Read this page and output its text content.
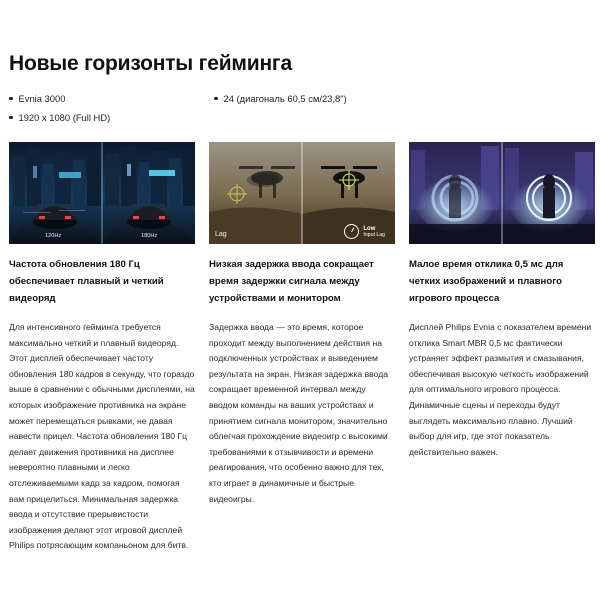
Новые горизонты гейминга
Evnia 3000	24 (диагональ 60,5 см/23,8")
1920 x 1080 (Full HD)
120Hz	180Hz
Частота обновления 180 Гц обеспечивает плавный и четкий видеоряд
Для интенсивного гейминга требуется максимально четкий и плавный видеоряд. Этот дисплей обеспечивает частоту обновления 180 кадров в секунду, что гораздо выше в сравнении с обычными дисплеями, на которых изображение противника на экране может перемещаться рывками, не давая навести прицел. Частота обновления 180 Гц делает движения противника на дисплее невероятно плавными и легко отслеживаемыми кадр за кадром, помогая вам прицелиться. Минимальная задержка ввода и отсутствие прерывистости изображения делают этот игровой дисплей Philips потрясающим компаньоном для битв.
Lag
Low
Input Lag
Низкая задержка ввода сокращает время задержки сигнала между устройствами и монитором
Задержка ввода — это время, которое проходит между выполнением действия на подключенных устройствах и выведением результата на экран. Низкая задержка ввода сокращает временной интервал между вводом команды на ваших устройствах и принятием сигнала монитором, значительно облегчая прохождение видеоигр с высокими требованиями к отзывчивости и времени реагирования, что особенно важно для тех, кто играет в динамичные и быстрые видеоигры.
Малое время отклика 0,5 мс для четких изображений и плавного игрового процесса
Дисплей Philips Evnia с показателем времени отклика Smart MBR 0,5 мс фактически устраняет эффект размытия и смазывания, обеспечивая высокую четкость изображений для оптимального игрового процесса. Динамичные сцены и переходы будут выглядеть максимально плавно. Лучший выбор для игр, где этот показатель действительно важен.
